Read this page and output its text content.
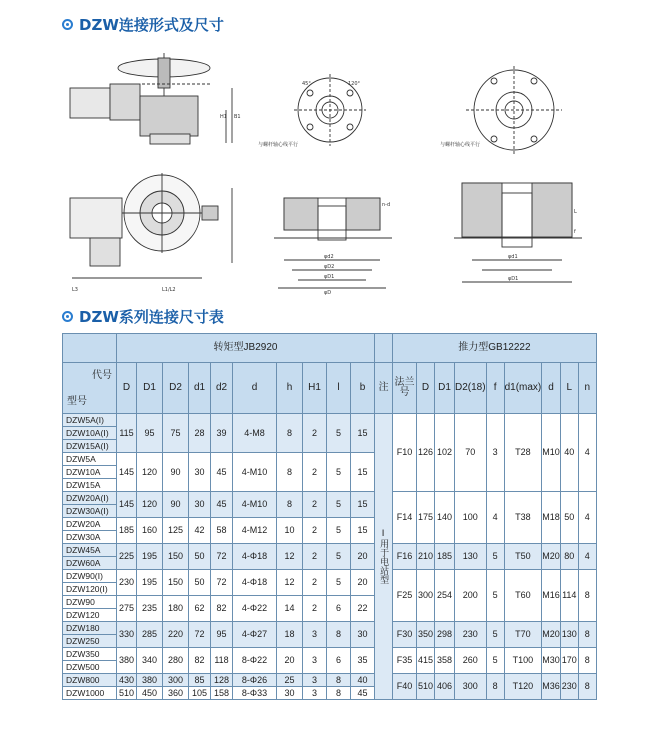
DZW连接形式及尺寸
L3	L1/L2
H1 B1
45°	120°
与螺杆轴心线平行	与螺杆轴心线平行
n-d
φd2
φD2
φD1
φD
φd1
φD1
L
f
DZW系列连接尺寸表
	转矩型JB2920											推力型GB12222								

代号
型号	D	D1	D2	d1	d2	d	h	H1	l	b	注	法兰号	D	D1	D2(18)	f	d1(max)	d	L	n
DZW5A(Ⅰ)	115	95	75	28	39	4-M8	8	2	5	15	Ⅰ用于电站型	F10	126	102	70	3	T28	M10	40	4
DZW10A(Ⅰ)																				
DZW15A(Ⅰ)																				
DZW5A	145	120	90	30	45	4-M10	8	2	5	15										
DZW10A																				
DZW15A																				
DZW20A(Ⅰ)	145	120	90	30	45	4-M10	8	2	5	15		F14	175	140	100	4	T38	M18	50	4
DZW30A(Ⅰ)																				
DZW20A	185	160	125	42	58	4-M12	10	2	5	15										
DZW30A																				
DZW45A	225	195	150	50	72	4-Φ18	12	2	5	20		F16	210	185	130	5	T50	M20	80	4
DZW60A																				
DZW90(Ⅰ)	230	195	150	50	72	4-Φ18	12	2	5	20		F25	300	254	200	5	T60	M16	114	8
DZW120(Ⅰ)																				
DZW90	275	235	180	62	82	4-Φ22	14	2	6	22										
DZW120																				
DZW180	330	285	220	72	95	4-Φ27	18	3	8	30		F30	350	298	230	5	T70	M20	130	8
DZW250																				
DZW350	380	340	280	82	118	8-Φ22	20	3	6	35		F35	415	358	260	5	T100	M30	170	8
DZW500																				
DZW800	430	380	300	85	128	8-Φ26	25	3	8	40		F40	510	406	300	8	T120	M36	230	8
DZW1000	510	450	360	105	158	8-Φ33	30	3	8	45										
